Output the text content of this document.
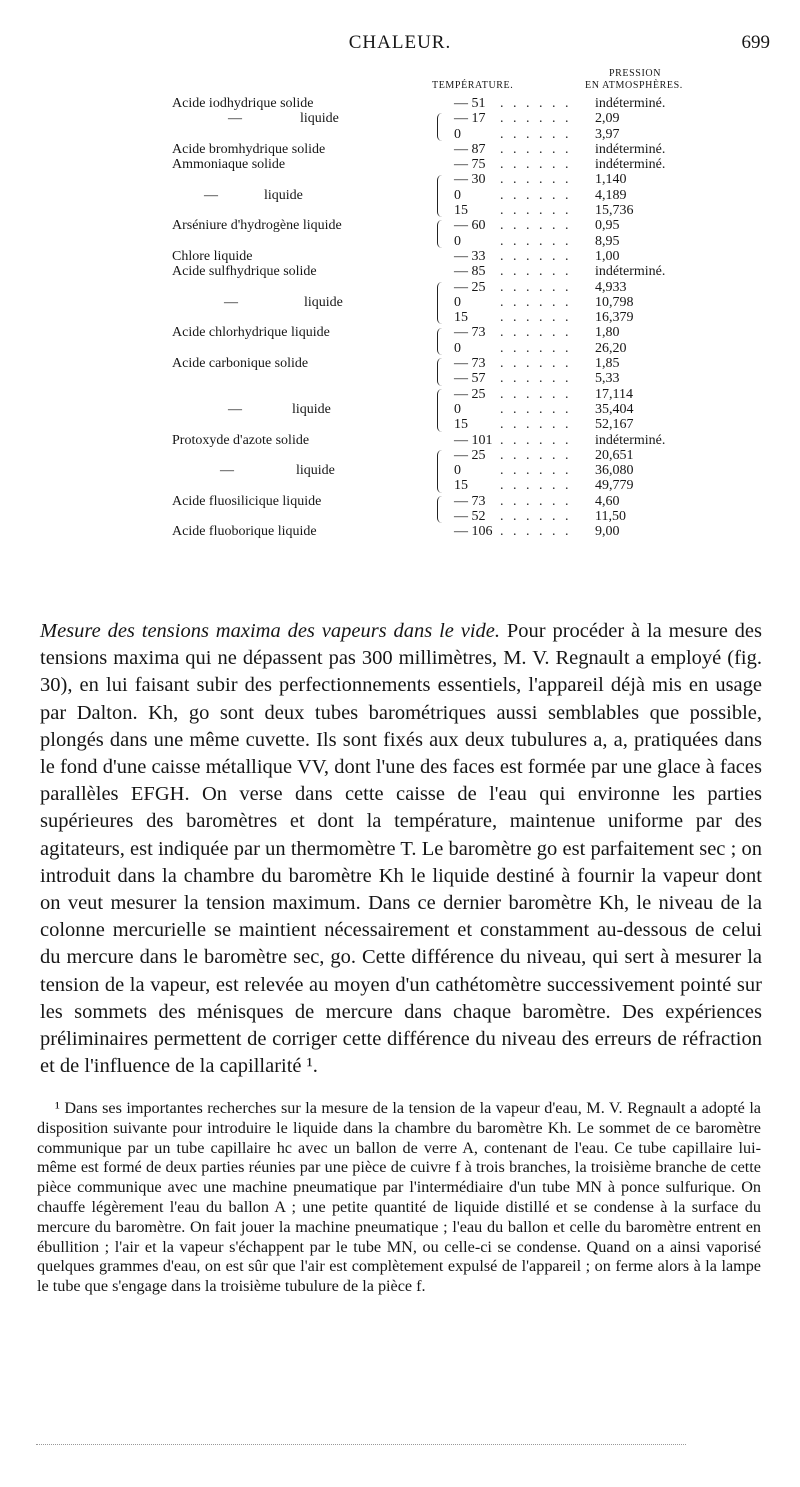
CHALEUR.	699
TEMPÉRATURE.
PRESSION
EN ATMOSPHÈRES.
Acide iodhydrique solide	— 51 . . . . . . indéterminé.
—	liquide	— 17 . . . . . . 2,09
0	. . . . . . 3,97
Acide bromhydrique solide	— 87 . . . . . . indéterminé.
Ammoniaque solide	— 75 . . . . . . indéterminé.
— 30 . . . . . . 1,140
—	liquide	0	. . . . . . 4,189
15 . . . . . . 15,736
Arséniure d'hydrogène liquide	— 60 . . . . . . 0,95
0	. . . . . . 8,95
Chlore liquide	— 33 . . . . . . 1,00
Acide sulfhydrique solide	— 85 . . . . . . indéterminé.
— 25 . . . . . . 4,933
—	liquide	0	. . . . . . 10,798
15 . . . . . . 16,379
Acide chlorhydrique liquide	— 73 . . . . . . 1,80
0	. . . . . . 26,20
Acide carbonique solide	— 73 . . . . . . 1,85
— 57 . . . . . . 5,33
— 25 . . . . . . 17,114
—	liquide	0	. . . . . . 35,404
15 . . . . . . 52,167
Protoxyde d'azote solide	— 101 . . . . . . indéterminé.
— 25 . . . . . . 20,651
—	liquide	0	. . . . . . 36,080
15 . . . . . . 49,779
Acide fluosilicique liquide	— 73 . . . . . . 4,60
— 52 . . . . . . 11,50
Acide fluoborique liquide	— 106 . . . . . . 9,00

Mesure des tensions maxima des vapeurs dans le vide. Pour procéder à la mesure des tensions maxima qui ne dépassent pas 300 millimètres, M. V. Regnault a employé (fig. 30), en lui faisant subir des perfectionnements essentiels, l'appareil déjà mis en usage par Dalton. Kh, go sont deux tubes barométriques aussi semblables que possible, plongés dans une même cuvette. Ils sont fixés aux deux tubulures a, a, pratiquées dans le fond d'une caisse métallique VV, dont l'une des faces est formée par une glace à faces parallèles EFGH. On verse dans cette caisse de l'eau qui environne les parties supérieures des baromètres et dont la température, maintenue uniforme par des agitateurs, est indiquée par un thermomètre T. Le baromètre go est parfaitement sec ; on introduit dans la chambre du baromètre Kh le liquide destiné à fournir la vapeur dont on veut mesurer la tension maximum. Dans ce dernier baromètre Kh, le niveau de la colonne mercurielle se maintient nécessairement et constamment au-dessous de celui du mercure dans le baromètre sec, go. Cette différence du niveau, qui sert à mesurer la tension de la vapeur, est relevée au moyen d'un cathétomètre successivement pointé sur les sommets des ménisques de mercure dans chaque baromètre. Des expériences préliminaires permettent de corriger cette différence du niveau des erreurs de réfraction et de l'influence de la capillarité ¹.

¹ Dans ses importantes recherches sur la mesure de la tension de la vapeur d'eau, M. V. Regnault a adopté la disposition suivante pour introduire le liquide dans la chambre du baromètre Kh. Le sommet de ce baromètre communique par un tube capillaire hc avec un ballon de verre A, contenant de l'eau. Ce tube capillaire lui-même est formé de deux parties réunies par une pièce de cuivre f à trois branches, la troisième branche de cette pièce communique avec une machine pneumatique par l'intermédiaire d'un tube MN à ponce sulfurique. On chauffe légèrement l'eau du ballon A ; une petite quantité de liquide distillé et se condense à la surface du mercure du baromètre. On fait jouer la machine pneumatique ; l'eau du ballon et celle du baromètre entrent en ébullition ; l'air et la vapeur s'échappent par le tube MN, ou celle-ci se condense. Quand on a ainsi vaporisé quelques grammes d'eau, on est sûr que l'air est complètement expulsé de l'appareil ; on ferme alors à la lampe le tube que s'engage dans la troisième tubulure de la pièce f.
